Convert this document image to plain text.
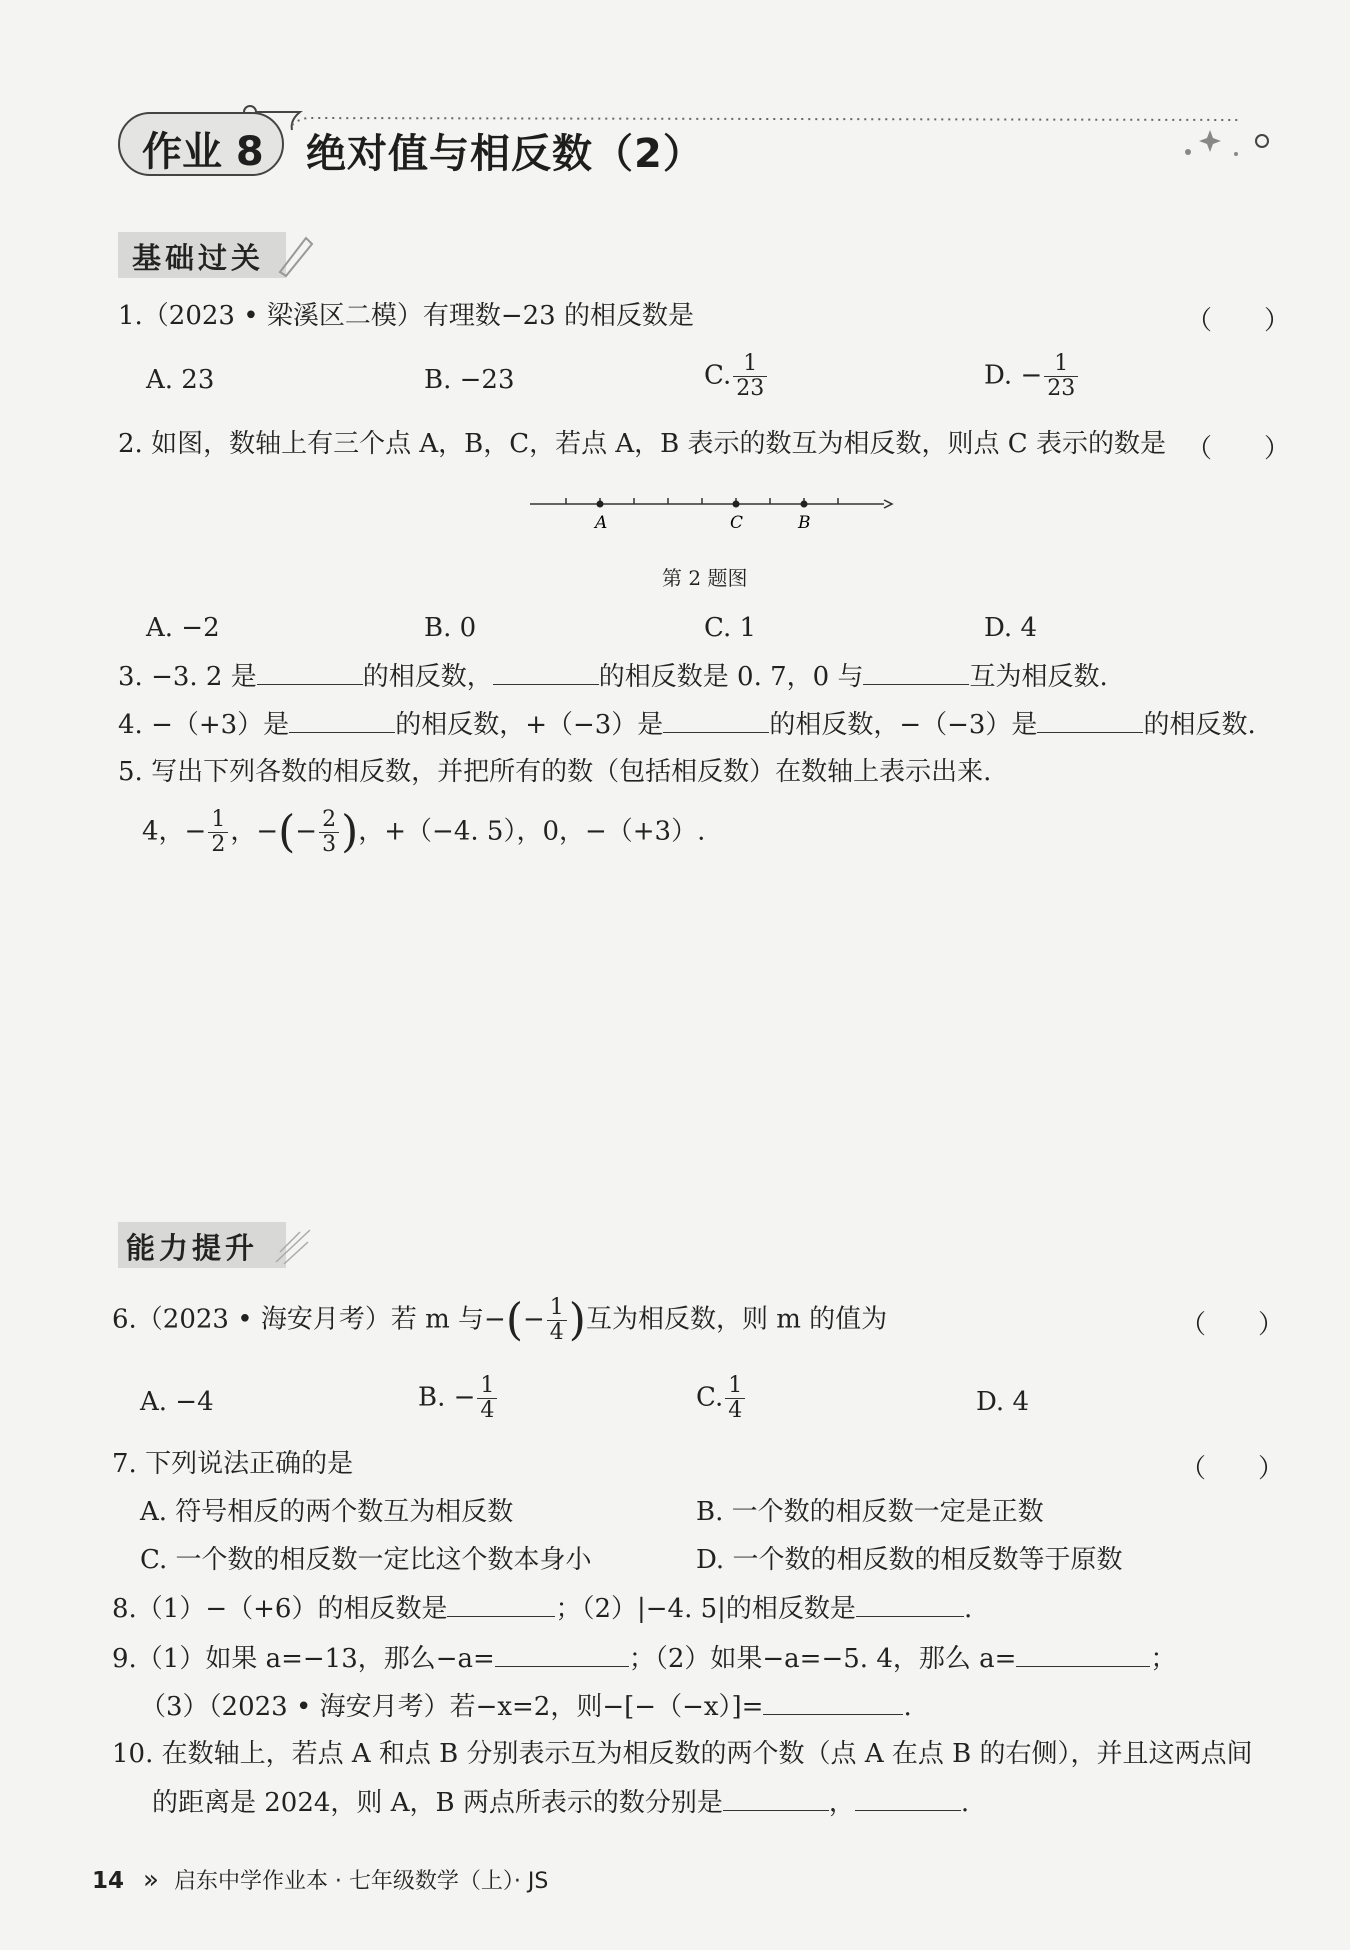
作业 8 绝对值与相反数（2）
基础过关
1.（2023 • 梁溪区二模）有理数−23 的相反数是	（　　）
A. 23	B. −23	C. $\frac{1}{23}$	D. − $\frac{1}{23}$
2. 如图，数轴上有三个点 A，B，C，若点 A，B 表示的数互为相反数，则点 C 表示的数是 （　　）
A	C	B
第 2 题图
A. −2	B. 0	C. 1	D. 4
3. −3. 2 是	的相反数，	的相反数是 0. 7，0 与	互为相反数.
4. −（+3）是	的相反数，+（−3）是	的相反数，−（−3）是	的相反数.
5. 写出下列各数的相反数，并把所有的数（包括相反数）在数轴上表示出来.
4，− $\frac{1}{2}$ ，−(− $\frac{2}{3}$ )，+（−4. 5），0，−（+3）.
能力提升
6.（2023 • 海安月考）若 m 与−(− $\frac{1}{4}$ )互为相反数，则 m 的值为	（　　）
A. −4	B. − $\frac{1}{4}$	C. $\frac{1}{4}$	D. 4
7. 下列说法正确的是	（　　）
A. 符号相反的两个数互为相反数	B. 一个数的相反数一定是正数
C. 一个数的相反数一定比这个数本身小	D. 一个数的相反数的相反数等于原数
8.（1）−（+6）的相反数是	；（2）|−4. 5|的相反数是	.
9.（1）如果 a=−13，那么−a=	；（2）如果−a=−5. 4，那么 a=	；
（3）（2023 • 海安月考）若−x=2，则−[−（−x）]=	.
10. 在数轴上，若点 A 和点 B 分别表示互为相反数的两个数（点 A 在点 B 的右侧），并且这两点间
的距离是 2024，则 A，B 两点所表示的数分别是	，	.
14 » 启东中学作业本 · 七年级数学（上）· JS
